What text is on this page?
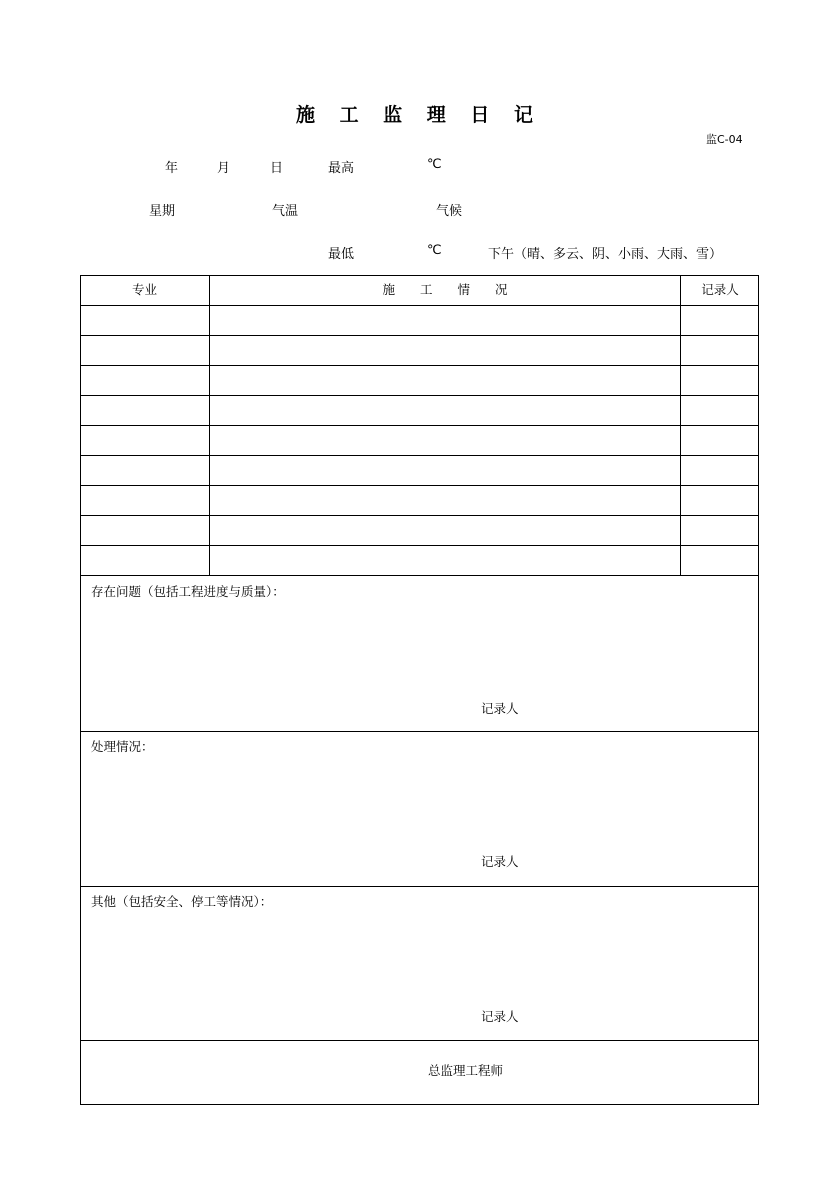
施 工 监 理 日 记
监C-04
年	月	日	最高	℃
星期	气温	气候
最低	℃	下午（晴、多云、阴、小雨、大雨、雪）
专业	施　　工　　情　　况	记录人
存在问题（包括工程进度与质量）：
记录人
处理情况：
记录人
其他（包括安全、停工等情况）：
记录人
总监理工程师
